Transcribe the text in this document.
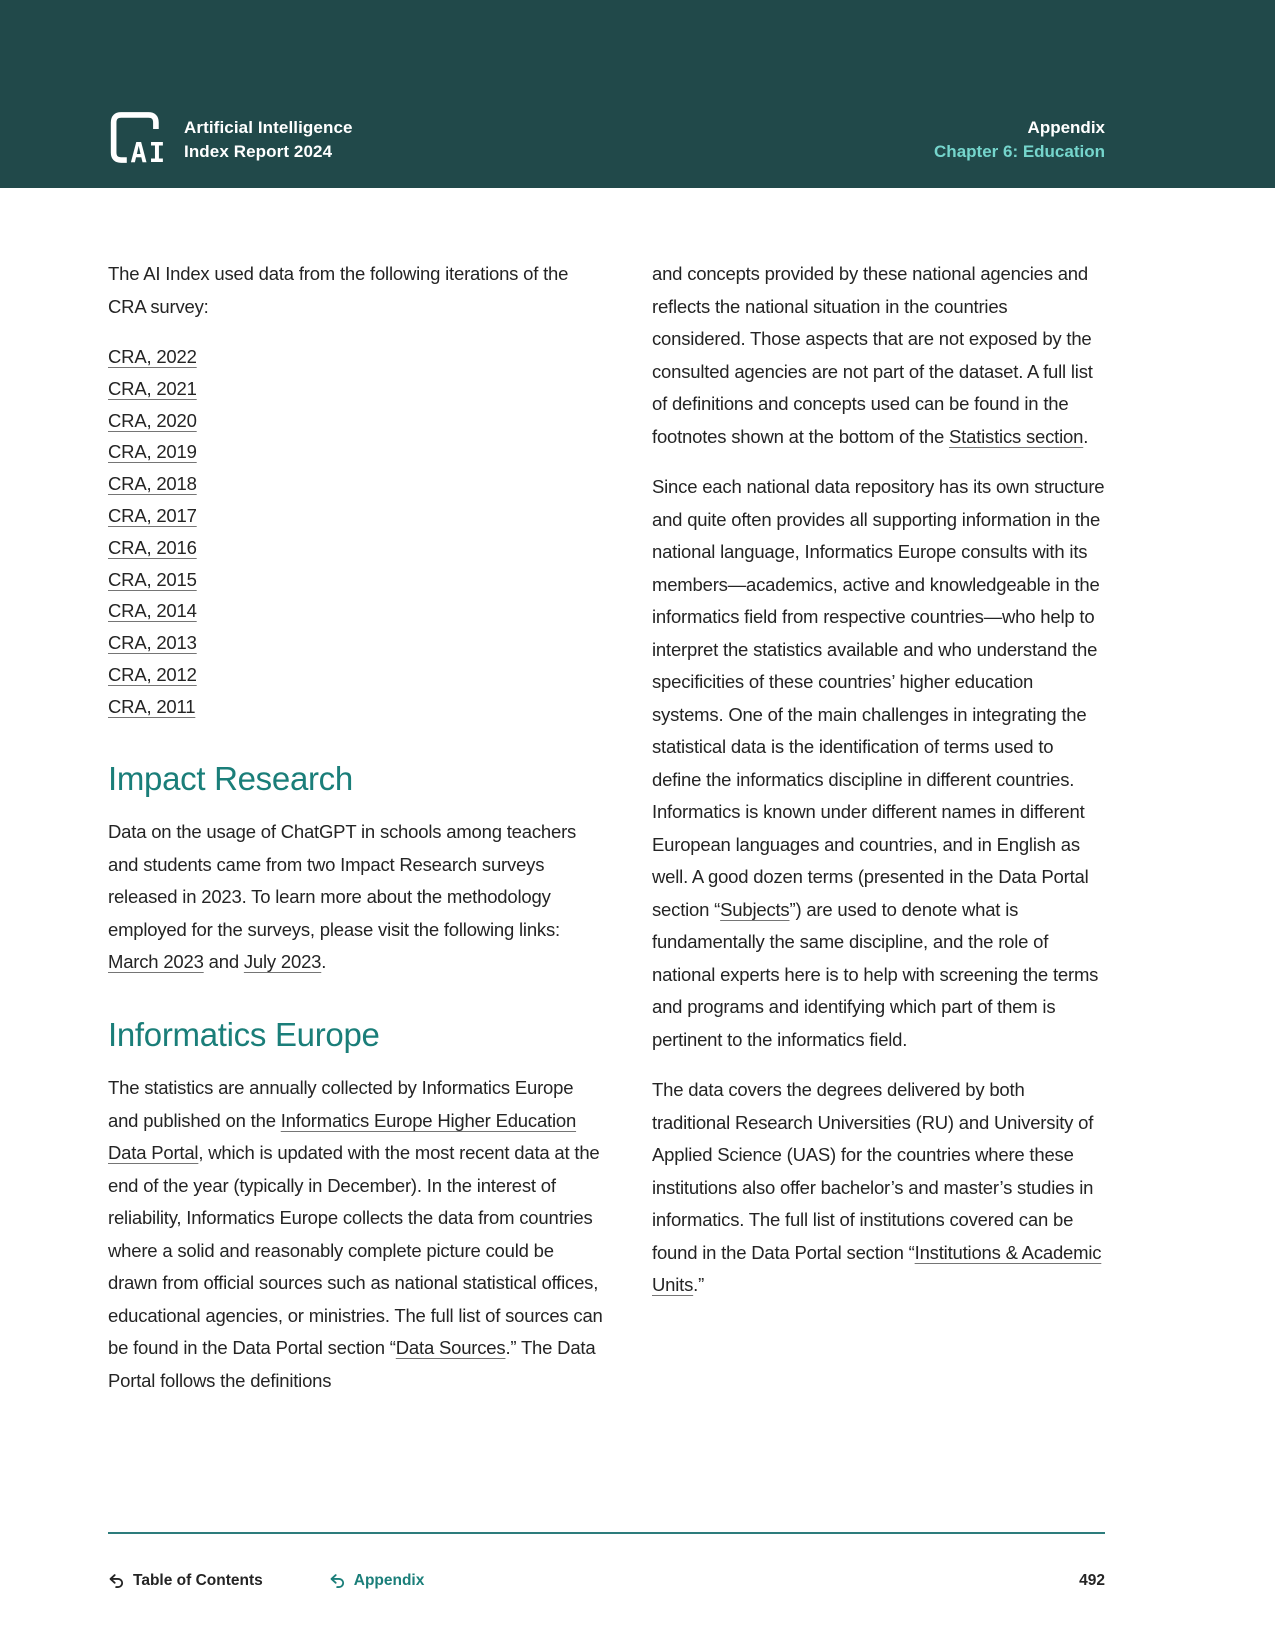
AI
Artificial Intelligence
Index Report 2024
Appendix
Chapter 6: Education

The AI Index used data from the following iterations of the CRA survey:

CRA, 2022
CRA, 2021
CRA, 2020
CRA, 2019
CRA, 2018
CRA, 2017
CRA, 2016
CRA, 2015
CRA, 2014
CRA, 2013
CRA, 2012
CRA, 2011
Impact Research

Data on the usage of ChatGPT in schools among teachers and students came from two Impact Research surveys released in 2023. To learn more about the methodology employed for the surveys, please visit the following links: March 2023 and July 2023.

Informatics Europe

The statistics are annually collected by Informatics Europe and published on the Informatics Europe Higher Education Data Portal, which is updated with the most recent data at the end of the year (typically in December). In the interest of reliability, Informatics Europe collects the data from countries where a solid and reasonably complete picture could be drawn from official sources such as national statistical offices, educational agencies, or ministries. The full list of sources can be found in the Data Portal section “Data Sources.” The Data Portal follows the definitions

and concepts provided by these national agencies and reflects the national situation in the countries considered. Those aspects that are not exposed by the consulted agencies are not part of the dataset. A full list of definitions and concepts used can be found in the footnotes shown at the bottom of the Statistics section.

Since each national data repository has its own structure and quite often provides all supporting information in the national language, Informatics Europe consults with its members—academics, active and knowledgeable in the informatics field from respective countries—who help to interpret the statistics available and who understand the specificities of these countries’ higher education systems. One of the main challenges in integrating the statistical data is the identification of terms used to define the informatics discipline in different countries. Informatics is known under different names in different European languages and countries, and in English as well. A good dozen terms (presented in the Data Portal section “Subjects”) are used to denote what is fundamentally the same discipline, and the role of national experts here is to help with screening the terms and programs and identifying which part of them is pertinent to the informatics field.

The data covers the degrees delivered by both traditional Research Universities (RU) and University of Applied Science (UAS) for the countries where these institutions also offer bachelor’s and master’s studies in informatics. The full list of institutions covered can be found in the Data Portal section “Institutions & Academic Units.”

Table of Contents	Appendix	492
